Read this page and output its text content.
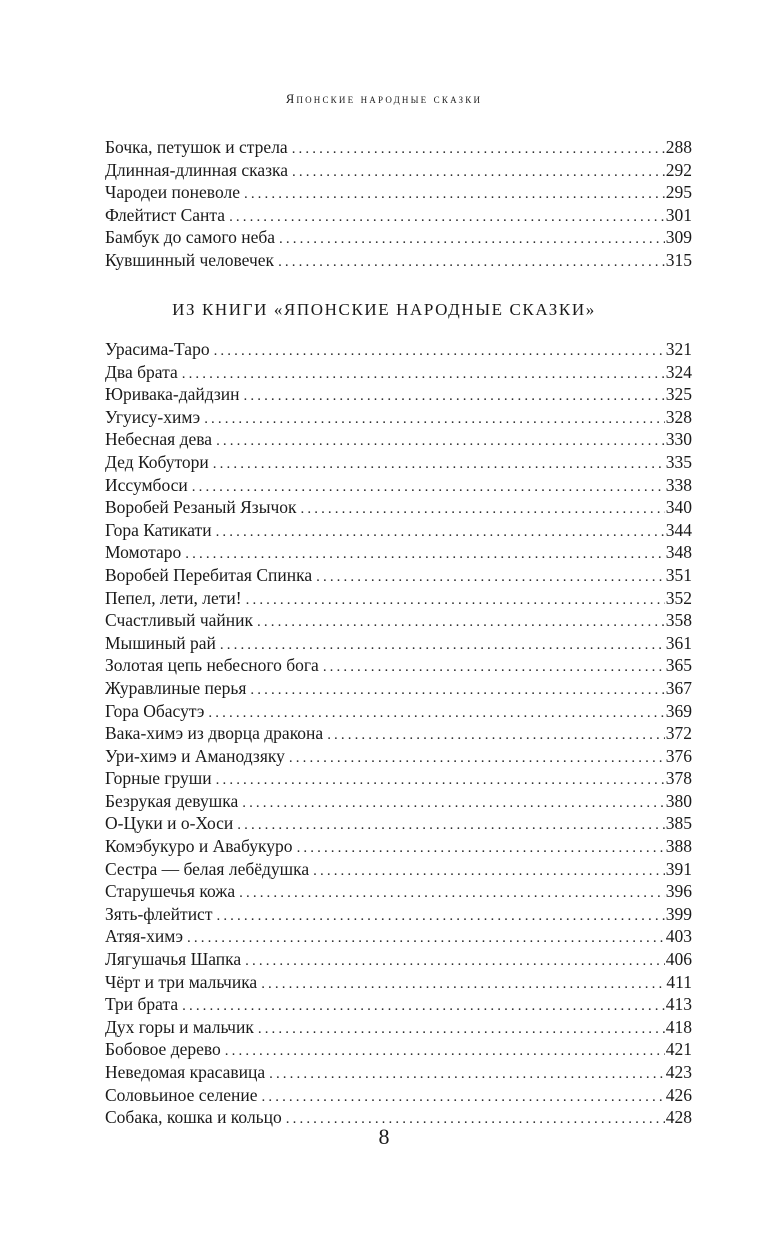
Японские народные сказки
Бочка, петушок и стрела .....	288
Длинная-длинная сказка .....	292
Чародеи поневоле .....	295
Флейтист Санта .....	301
Бамбук до самого неба .....	309
Кувшинный человечек .....	315
ИЗ КНИГИ «ЯПОНСКИЕ НАРОДНЫЕ СКАЗКИ»
Урасима-Таро .....	321
Два брата .....	324
Юривака-дайдзин .....	325
Угуису-химэ .....	328
Небесная дева .....	330
Дед Кобутори .....	335
Иссумбоси .....	338
Воробей Резаный Язычок .....	340
Гора Катикати .....	344
Момотаро .....	348
Воробей Перебитая Спинка .....	351
Пепел, лети, лети! .....	352
Счастливый чайник .....	358
Мышиный рай .....	361
Золотая цепь небесного бога .....	365
Журавлиные перья .....	367
Гора Обасутэ .....	369
Вака-химэ из дворца дракона .....	372
Ури-химэ и Аманодзяку .....	376
Горные груши .....	378
Безрукая девушка .....	380
О-Цуки и о-Хоси .....	385
Комэбукуро и Авабукуро .....	388
Сестра — белая лебёдушка .....	391
Старушечья кожа .....	396
Зять-флейтист .....	399
Атяя-химэ .....	403
Лягушачья Шапка .....	406
Чёрт и три мальчика .....	411
Три брата .....	413
Дух горы и мальчик .....	418
Бобовое дерево .....	421
Неведомая красавица .....	423
Соловьиное селение .....	426
Собака, кошка и кольцо .....	428
8
